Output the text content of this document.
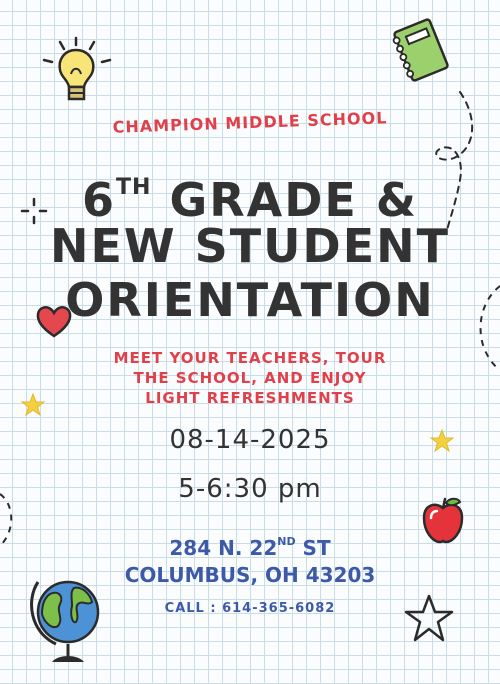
CHAMPION MIDDLE SCHOOL
6TH GRADE &
NEW STUDENT
ORIENTATION
MEET YOUR TEACHERS, TOUR
THE SCHOOL, AND ENJOY
LIGHT REFRESHMENTS
08-14-2025
5-6:30 pm
284 N. 22ND ST
COLUMBUS, OH 43203
CALL : 614-365-6082
